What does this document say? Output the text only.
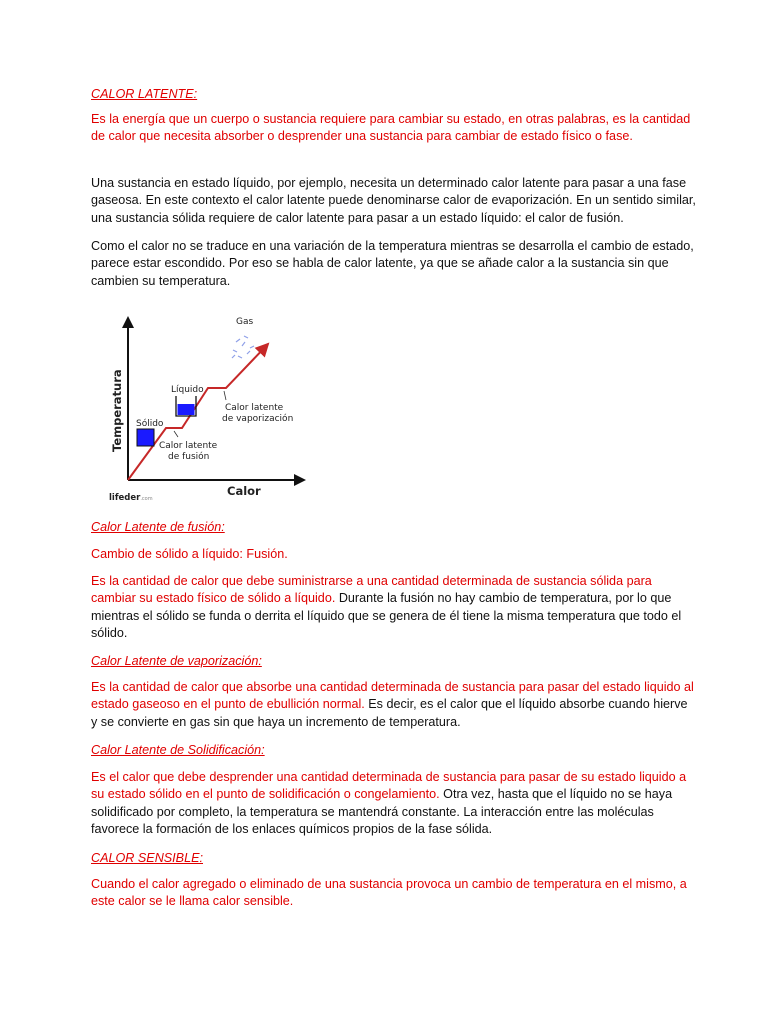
CALOR LATENTE:

Es la energía que un cuerpo o sustancia requiere para cambiar su estado, en otras palabras, es la cantidad de calor que necesita absorber o desprender una sustancia para cambiar de estado físico o fase.

Una sustancia en estado líquido, por ejemplo, necesita un determinado calor latente para pasar a una fase gaseosa. En este contexto el calor latente puede denominarse calor de evaporización. En un sentido similar, una sustancia sólida requiere de calor latente para pasar a un estado líquido: el calor de fusión.

Como el calor no se traduce en una variación de la temperatura mientras se desarrolla el cambio de estado, parece estar escondido. Por eso se habla de calor latente, ya que se añade calor a la sustancia sin que cambien su temperatura.

Gas
Sólido
Líquido
Calor latente
de vaporización
Calor latente
de fusión
Temperatura
Calor
lifeder.com

Calor Latente de fusión:

Cambio de sólido a líquido: Fusión.

Es la cantidad de calor que debe suministrarse a una cantidad determinada de sustancia sólida para cambiar su estado físico de sólido a líquido. Durante la fusión no hay cambio de temperatura, por lo que mientras el sólido se funda o derrita el líquido que se genera de él tiene la misma temperatura que todo el sólido.

Calor Latente de vaporización:

Es la cantidad de calor que absorbe una cantidad determinada de sustancia para pasar del estado liquido al estado gaseoso en el punto de ebullición normal. Es decir, es el calor que el líquido absorbe cuando hierve y se convierte en gas sin que haya un incremento de temperatura.

Calor Latente de Solidificación:

Es el calor que debe desprender una cantidad determinada de sustancia para pasar de su estado liquido a su estado sólido en el punto de solidificación o congelamiento. Otra vez, hasta que el líquido no se haya solidificado por completo, la temperatura se mantendrá constante. La interacción entre las moléculas favorece la formación de los enlaces químicos propios de la fase sólida.

CALOR SENSIBLE:

Cuando el calor agregado o eliminado de una sustancia provoca un cambio de temperatura en el mismo, a este calor se le llama calor sensible.
